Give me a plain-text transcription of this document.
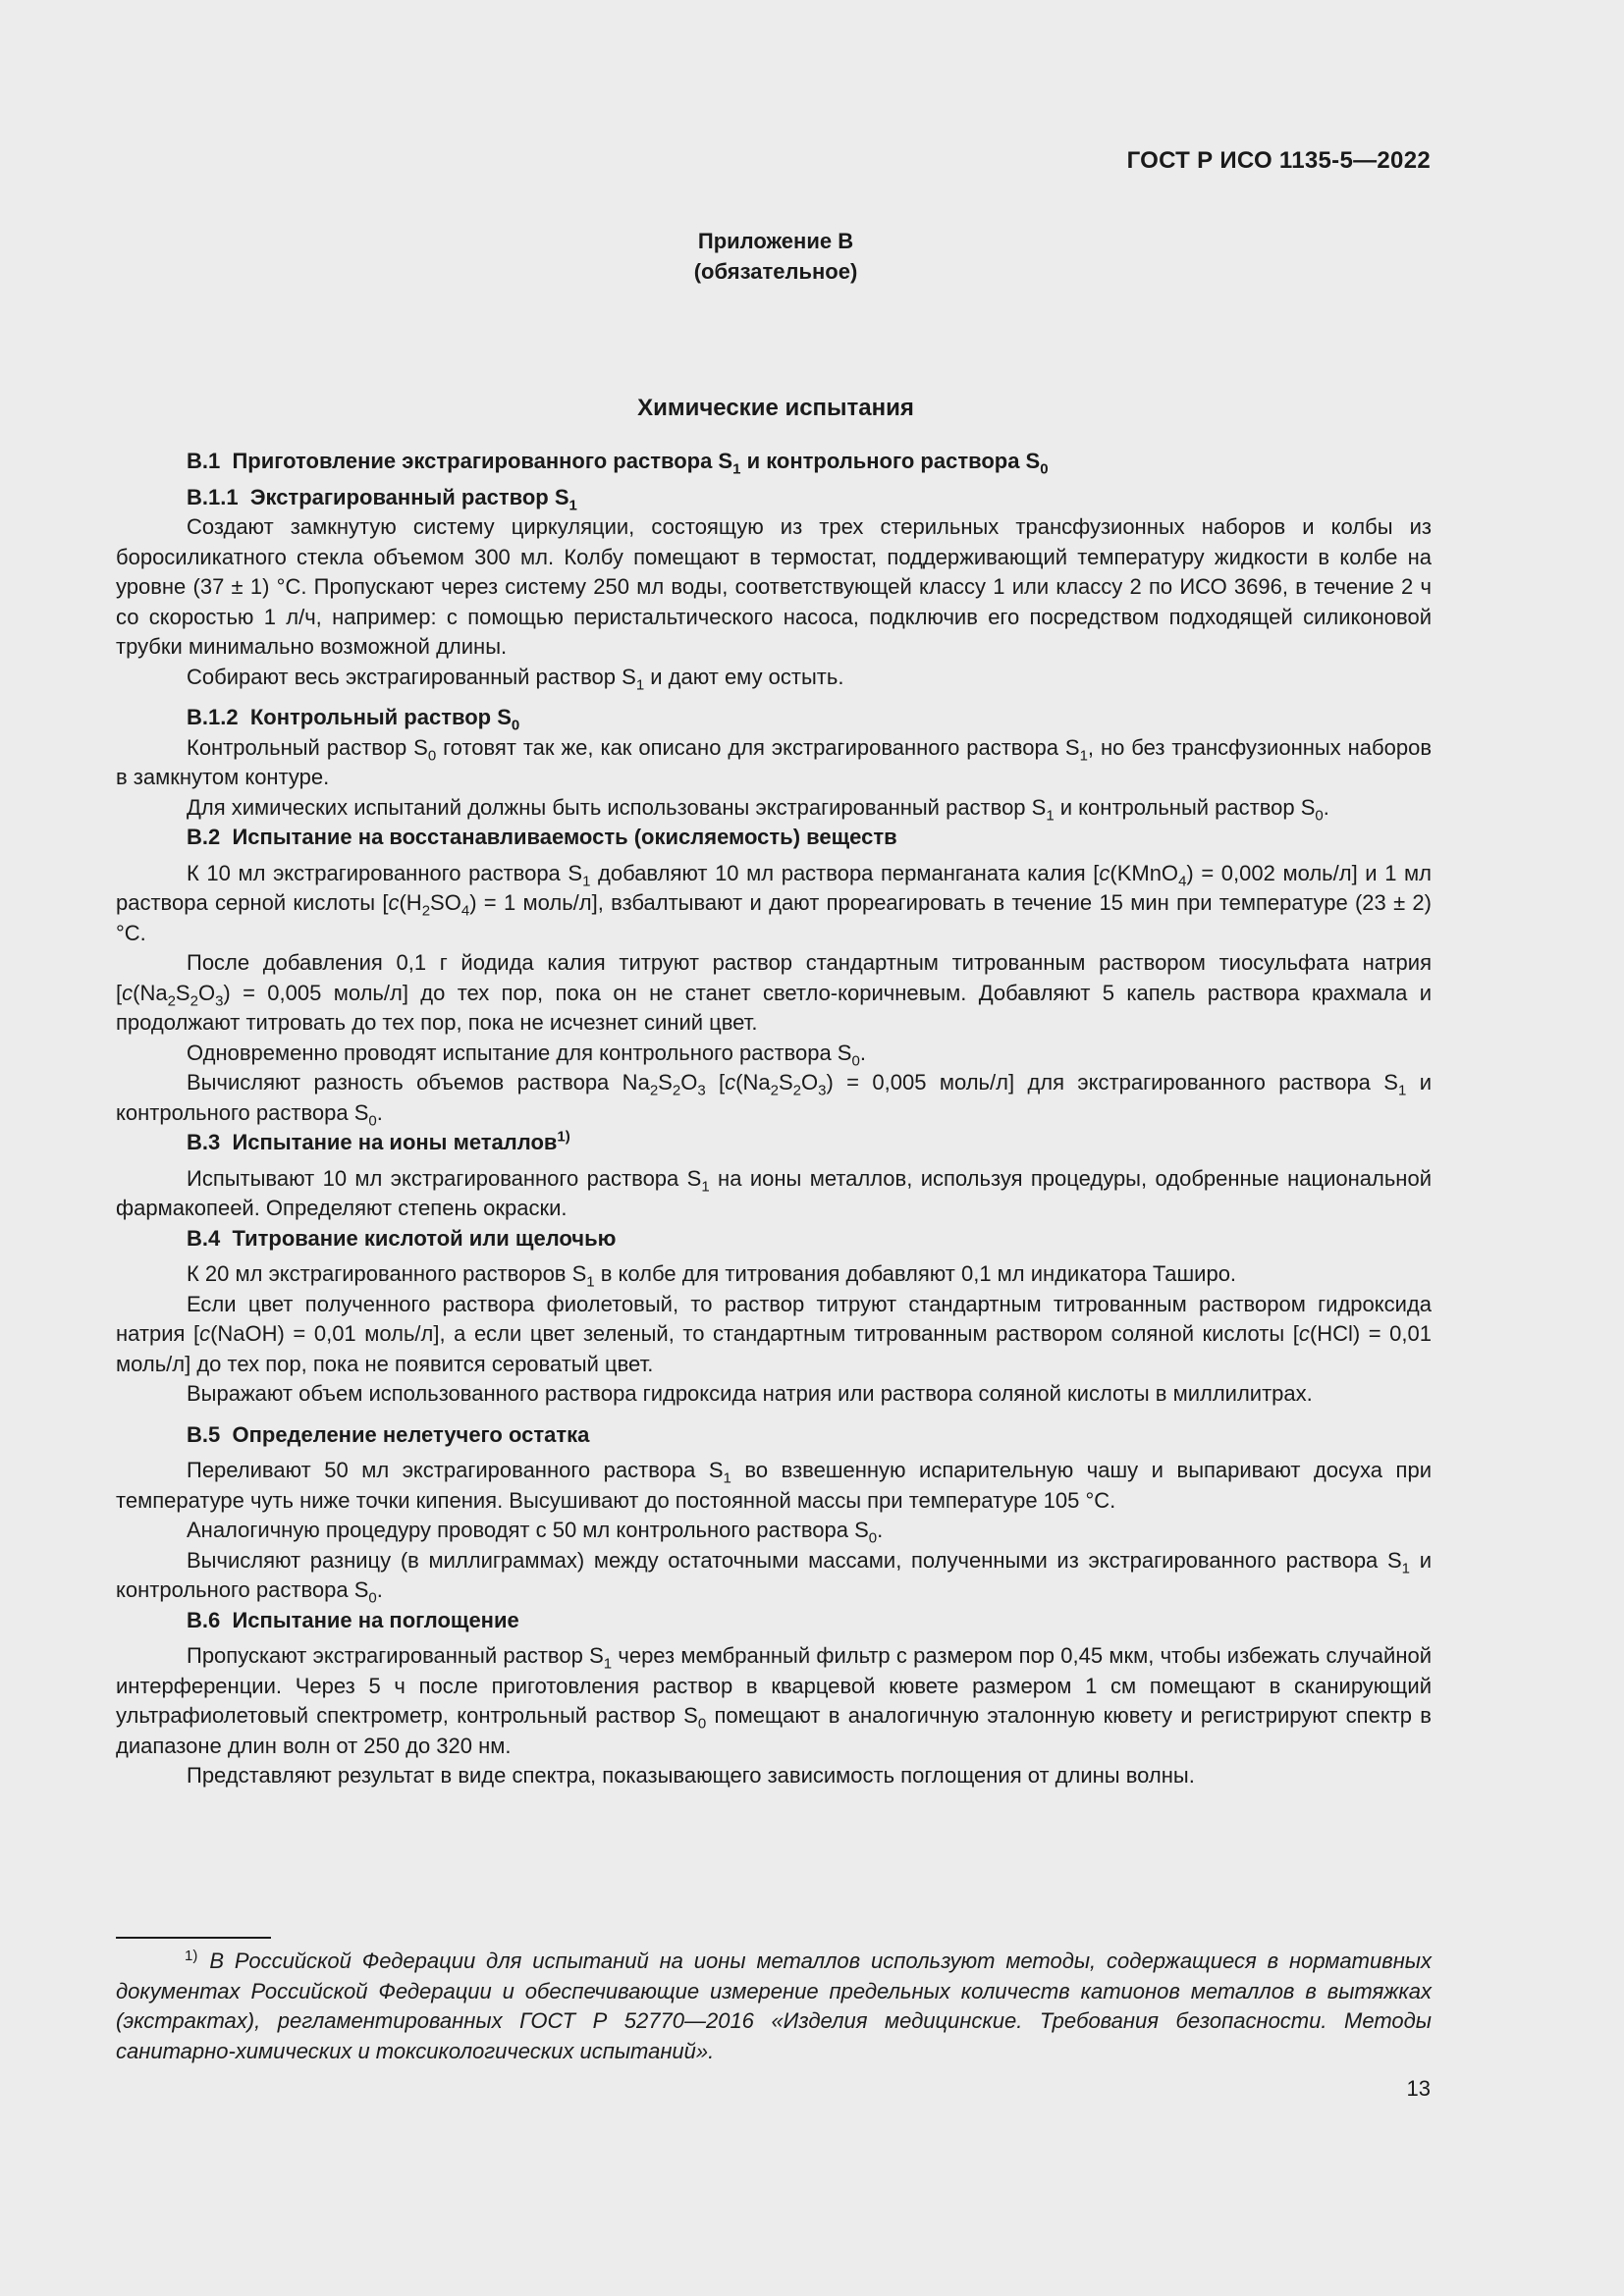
ГОСТ Р ИСО 1135-5—2022
Приложение В
(обязательное)
Химические испытания
В.1 Приготовление экстрагированного раствора $S_1$ и контрольного раствора $S_0$
В.1.1 Экстрагированный раствор $S_1$

Создают замкнутую систему циркуляции, состоящую из трех стерильных трансфузионных наборов и колбы из боросиликатного стекла объемом 300 мл. Колбу помещают в термостат, поддерживающий температуру жидкости в колбе на уровне (37 ± 1) °С. Пропускают через систему 250 мл воды, соответствующей классу 1 или классу 2 по ИСО 3696, в течение 2 ч со скоростью 1 л/ч, например: с помощью перистальтического насоса, подключив его посредством подходящей силиконовой трубки минимально возможной длины.

Собирают весь экстрагированный раствор $S_1$ и дают ему остыть.

В.1.2 Контрольный раствор $S_0$

Контрольный раствор $S_0$ готовят так же, как описано для экстрагированного раствора $S_1$, но без трансфузионных наборов в замкнутом контуре.

Для химических испытаний должны быть использованы экстрагированный раствор $S_1$ и контрольный раствор $S_0$.

В.2 Испытание на восстанавливаемость (окисляемость) веществ

К 10 мл экстрагированного раствора $S_1$ добавляют 10 мл раствора перманганата калия [c(KMnO$_4$) = 0,002 моль/л] и 1 мл раствора серной кислоты [$c(H_2SO_4) = 1$ моль/л], взбалтывают и дают прореагировать в течение 15 мин при температуре (23 ± 2) °С.

После добавления 0,1 г йодида калия титруют раствор стандартным титрованным раствором тиосульфата натрия [$c(Na_2S_2O_3) = 0,005$ моль/л] до тех пор, пока он не станет светло-коричневым. Добавляют 5 капель раствора крахмала и продолжают титровать до тех пор, пока не исчезнет синий цвет.

Одновременно проводят испытание для контрольного раствора $S_0$.

Вычисляют разность объемов раствора $Na_2S_2O_3$ [$c(Na_2S_2O_3) = 0,005$ моль/л] для экстрагированного раствора $S_1$ и контрольного раствора $S_0$.

В.3 Испытание на ионы металлов$^{1)}$

Испытывают 10 мл экстрагированного раствора $S_1$ на ионы металлов, используя процедуры, одобренные национальной фармакопеей. Определяют степень окраски.

В.4 Титрование кислотой или щелочью

К 20 мл экстрагированного растворов $S_1$ в колбе для титрования добавляют 0,1 мл индикатора Таширо.

Если цвет полученного раствора фиолетовый, то раствор титруют стандартным титрованным раствором гидроксида натрия [c(NaOH) = 0,01 моль/л], а если цвет зеленый, то стандартным титрованным раствором соляной кислоты [c(HCl) = 0,01 моль/л] до тех пор, пока не появится сероватый цвет.

Выражают объем использованного раствора гидроксида натрия или раствора соляной кислоты в миллилитрах.

В.5 Определение нелетучего остатка

Переливают 50 мл экстрагированного раствора $S_1$ во взвешенную испарительную чашу и выпаривают досуха при температуре чуть ниже точки кипения. Высушивают до постоянной массы при температуре 105 °С.

Аналогичную процедуру проводят с 50 мл контрольного раствора $S_0$.

Вычисляют разницу (в миллиграммах) между остаточными массами, полученными из экстрагированного раствора $S_1$ и контрольного раствора $S_0$.

В.6 Испытание на поглощение

Пропускают экстрагированный раствор $S_1$ через мембранный фильтр с размером пор 0,45 мкм, чтобы избежать случайной интерференции. Через 5 ч после приготовления раствор в кварцевой кювете размером 1 см помещают в сканирующий ультрафиолетовый спектрометр, контрольный раствор $S_0$ помещают в аналогичную эталонную кювету и регистрируют спектр в диапазоне длин волн от 250 до 320 нм.

Представляют результат в виде спектра, показывающего зависимость поглощения от длины волны.

$^{1)}$ В Российской Федерации для испытаний на ионы металлов используют методы, содержащиеся в нормативных документах Российской Федерации и обеспечивающие измерение предельных количеств катионов металлов в вытяжках (экстрактах), регламентированных ГОСТ Р 52770—2016 «Изделия медицинские. Требования безопасности. Методы санитарно-химических и токсикологических испытаний».
13
